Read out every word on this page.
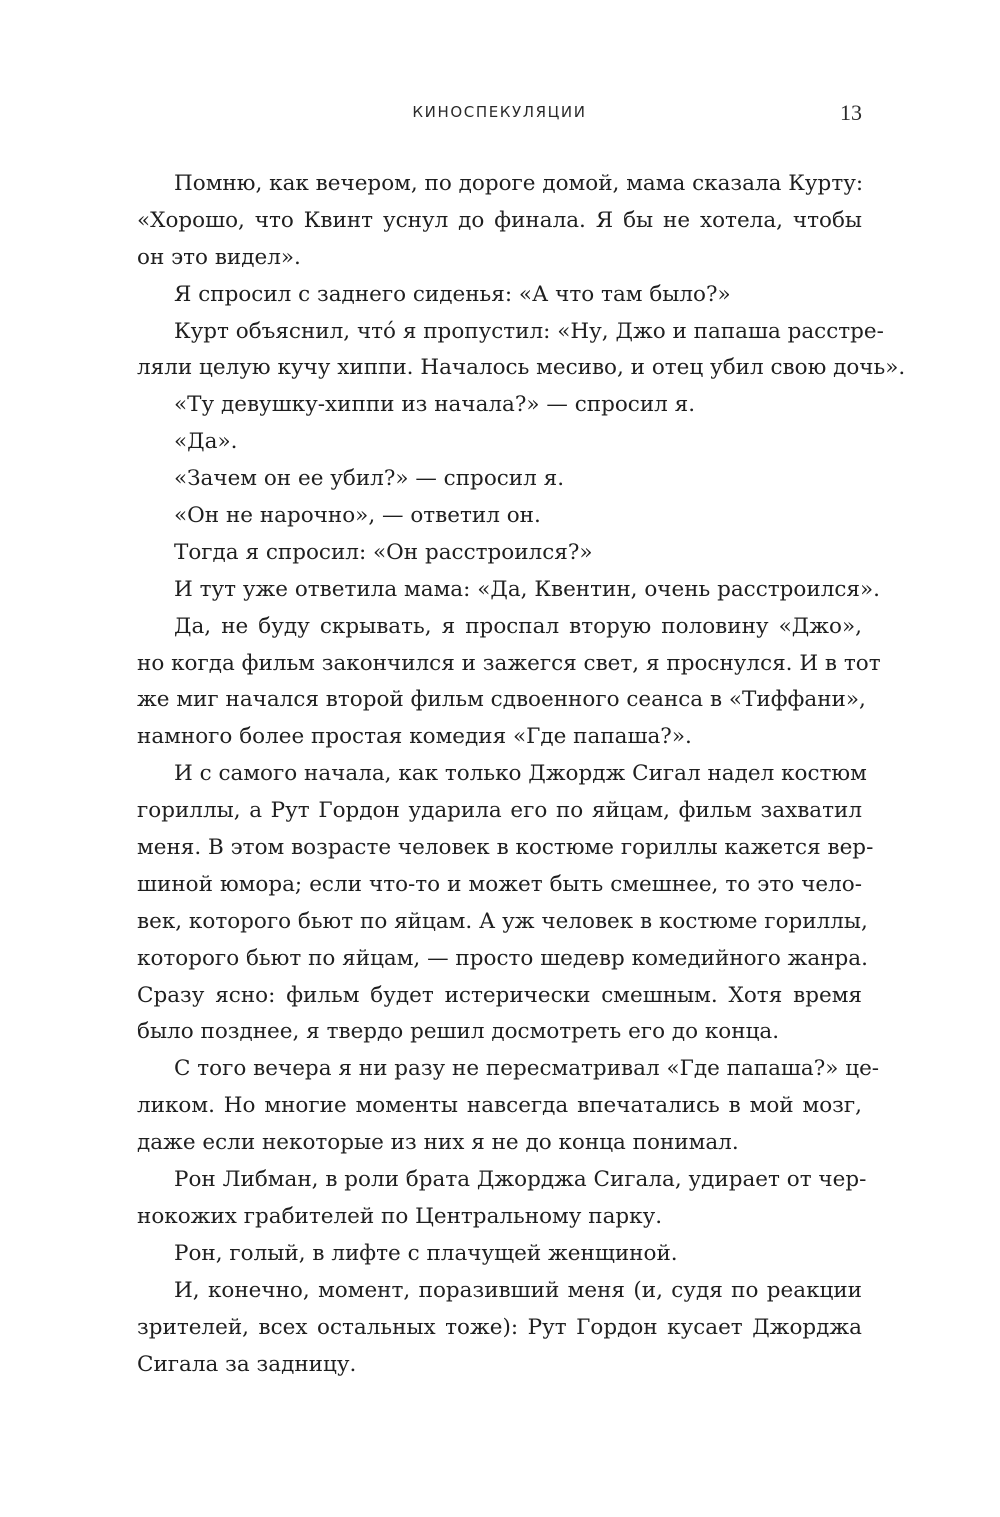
КИНОСПЕКУЛЯЦИИ	13
Помню, как вечером, по дороге домой, мама сказала Курту:
«Хорошо, что Квинт уснул до финала. Я бы не хотела, чтобы
он это видел».
Я спросил с заднего сиденья: «А что там было?»
Курт объяснил, чтó я пропустил: «Ну, Джо и папаша расстре-
ляли целую кучу хиппи. Началось месиво, и отец убил свою дочь».
«Ту девушку-хиппи из начала?» — спросил я.
«Да».
«Зачем он ее убил?» — спросил я.
«Он не нарочно», — ответил он.
Тогда я спросил: «Он расстроился?»
И тут уже ответила мама: «Да, Квентин, очень расстроился».
Да, не буду скрывать, я проспал вторую половину «Джо»,
но когда фильм закончился и зажегся свет, я проснулся. И в тот
же миг начался второй фильм сдвоенного сеанса в «Тиффани»,
намного более простая комедия «Где папаша?».
И с самого начала, как только Джордж Сигал надел костюм
гориллы, а Рут Гордон ударила его по яйцам, фильм захватил
меня. В этом возрасте человек в костюме гориллы кажется вер-
шиной юмора; если что-то и может быть смешнее, то это чело-
век, которого бьют по яйцам. А уж человек в костюме гориллы,
которого бьют по яйцам, — просто шедевр комедийного жанра.
Сразу ясно: фильм будет истерически смешным. Хотя время
было позднее, я твердо решил досмотреть его до конца.
С того вечера я ни разу не пересматривал «Где папаша?» це-
ликом. Но многие моменты навсегда впечатались в мой мозг,
даже если некоторые из них я не до конца понимал.
Рон Либман, в роли брата Джорджа Сигала, удирает от чер-
нокожих грабителей по Центральному парку.
Рон, голый, в лифте с плачущей женщиной.
И, конечно, момент, поразивший меня (и, судя по реакции
зрителей, всех остальных тоже): Рут Гордон кусает Джорджа
Сигала за задницу.
